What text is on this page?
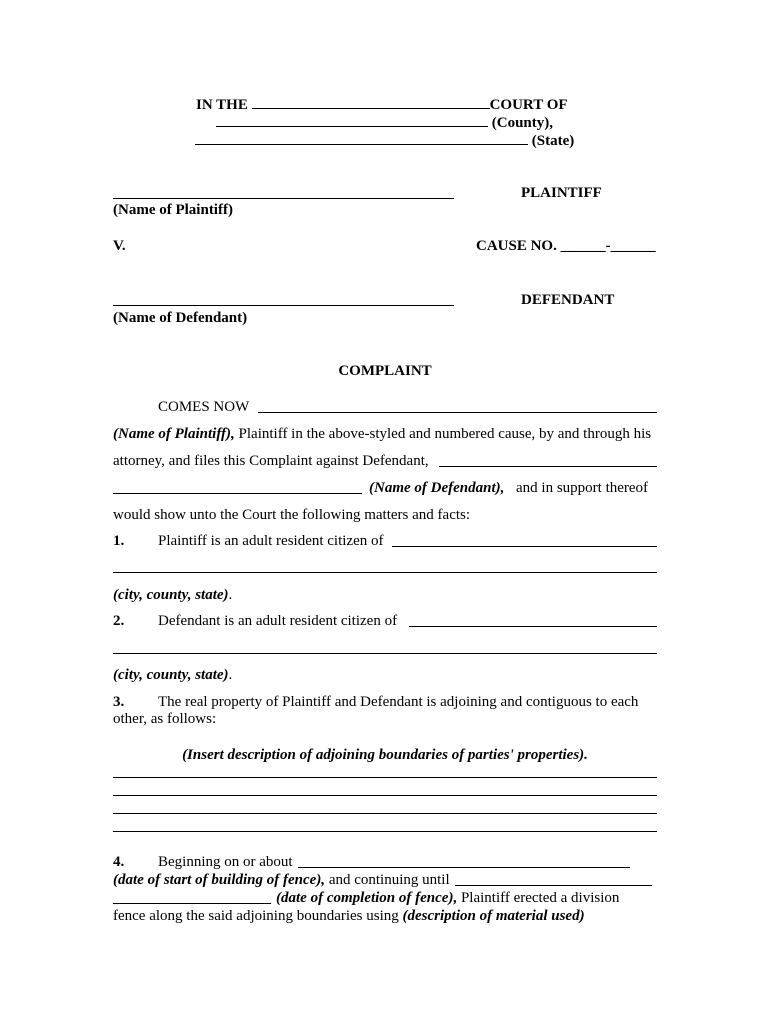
IN THE	COURT OF
(County),
(State)
PLAINTIFF
(Name of Plaintiff)
V.	CAUSE NO. ______-______
DEFENDANT
(Name of Defendant)
COMPLAINT
COMES NOW
(Name of Plaintiff), Plaintiff in the above-styled and numbered cause, by and through his
attorney, and files this Complaint against Defendant,
(Name of Defendant), and in support thereof
would show unto the Court the following matters and facts:
1. Plaintiff is an adult resident citizen of
(city, county, state).
2. Defendant is an adult resident citizen of
(city, county, state).
3. The real property of Plaintiff and Defendant is adjoining and contiguous to each
other, as follows:
(Insert description of adjoining boundaries of parties' properties).
4. Beginning on or about
(date of start of building of fence), and continuing until
(date of completion of fence), Plaintiff erected a division
fence along the said adjoining boundaries using (description of material used)
